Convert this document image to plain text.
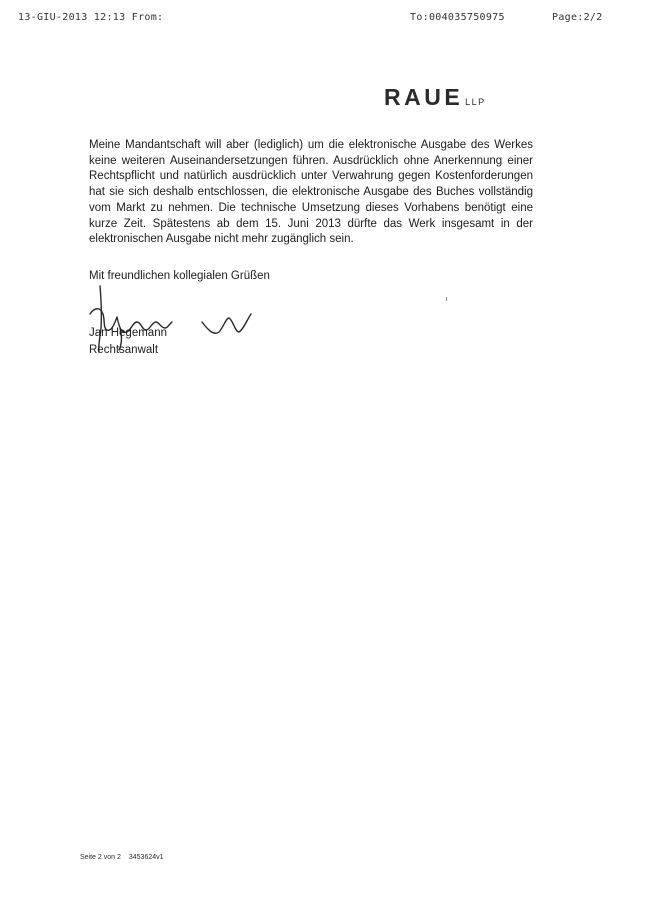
13-GIU-2013 12:13 From:	To:004035750975	Page:2/2
RAUE LLP

Meine Mandantschaft will aber (lediglich) um die elektronische Ausgabe des Werkes keine weiteren Auseinandersetzungen führen. Ausdrücklich ohne Anerkennung einer Rechtspflicht und natürlich ausdrücklich unter Verwahrung gegen Kostenforderungen hat sie sich deshalb entschlossen, die elektronische Ausgabe des Buches vollständig vom Markt zu nehmen. Die technische Umsetzung dieses Vorhabens benötigt eine kurze Zeit. Spätestens ab dem 15. Juni 2013 dürfte das Werk insgesamt in der elektronischen Ausgabe nicht mehr zugänglich sein.

Mit freundlichen kollegialen Grüßen
Jan Hegemann
Rechtsanwalt
Seite 2 von 2 3453624v1
